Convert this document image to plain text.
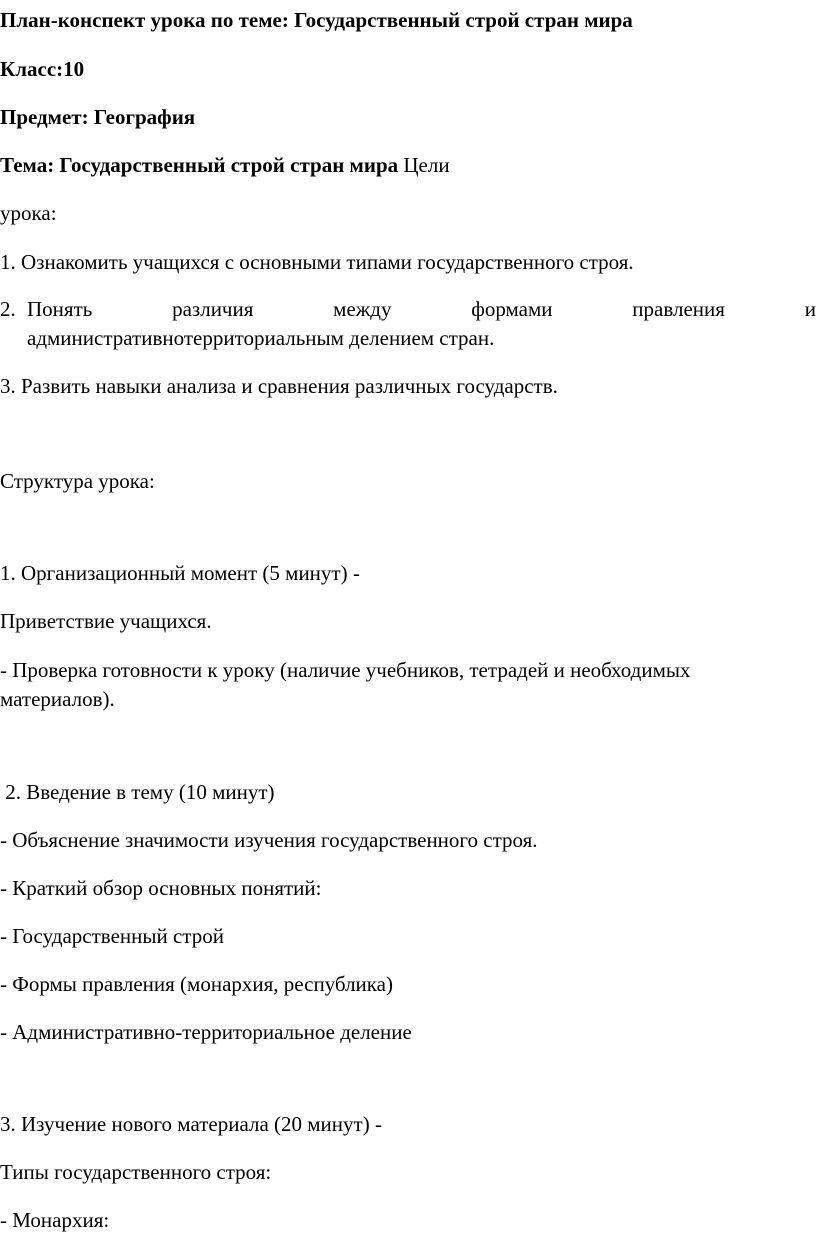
План-конспект урока по теме: Государственный строй стран мира
Класс:10
Предмет: География
Тема: Государственный строй стран мира Цели
урока:
1. Ознакомить учащихся с основными типами государственного строя.
2. Понять	различия	между	формами	правления	и
административнотерриториальным делением стран.
3. Развить навыки анализа и сравнения различных государств.
Структура урока:
1. Организационный момент (5 минут) -
Приветствие учащихся.
- Проверка готовности к уроку (наличие учебников, тетрадей и необходимых
материалов).
2. Введение в тему (10 минут)
- Объяснение значимости изучения государственного строя.
- Краткий обзор основных понятий:
- Государственный строй
- Формы правления (монархия, республика)
- Административно-территориальное деление
3. Изучение нового материала (20 минут) -
Типы государственного строя:
- Монархия:
